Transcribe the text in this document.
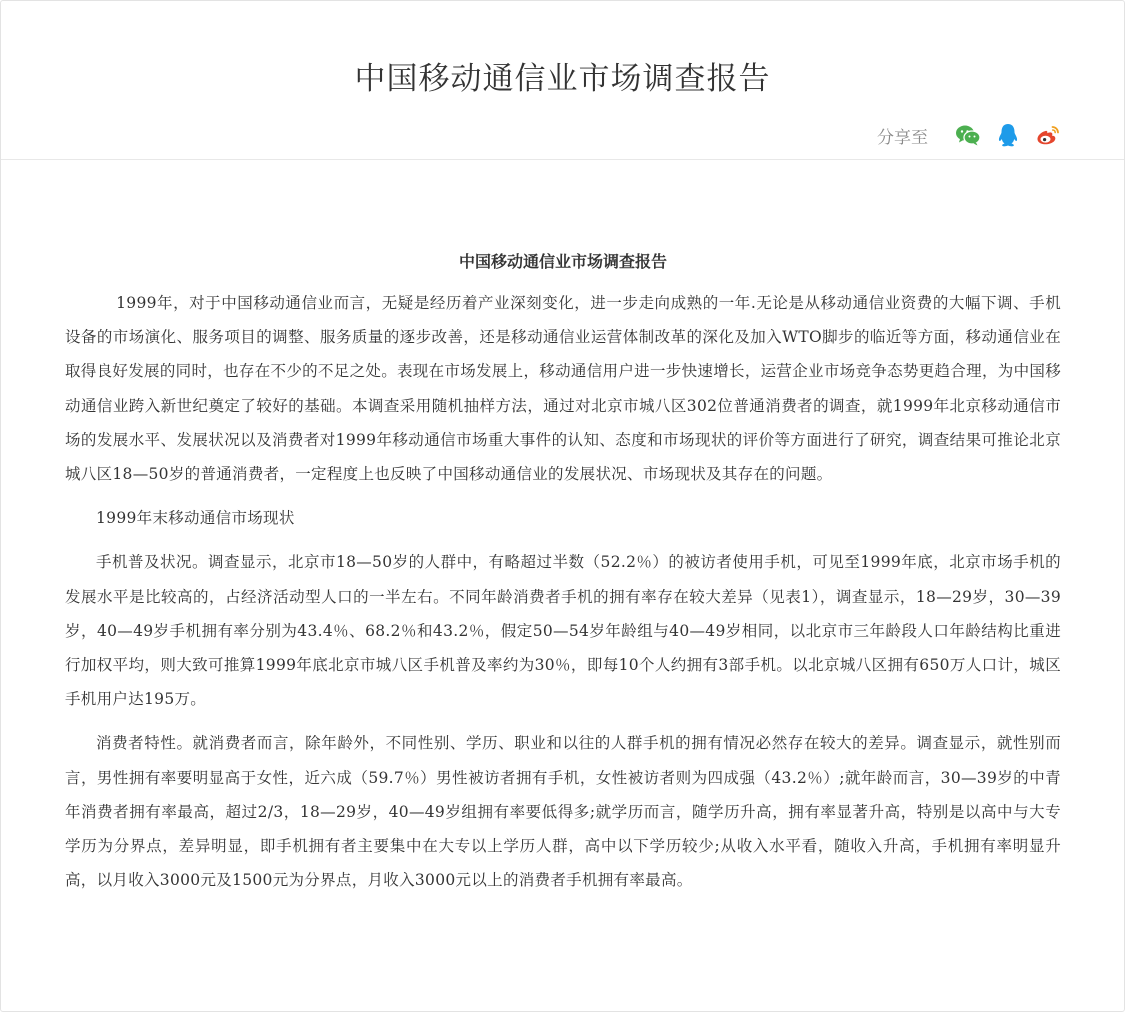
中国移动通信业市场调查报告
分享至
中国移动通信业市场调查报告

1999年，对于中国移动通信业而言，无疑是经历着产业深刻变化，进一步走向成熟的一年.无论是从移动通信业资费的大幅下调、手机设备的市场演化、服务项目的调整、服务质量的逐步改善，还是移动通信业运营体制改革的深化及加入WTO脚步的临近等方面，移动通信业在取得良好发展的同时，也存在不少的不足之处。表现在市场发展上，移动通信用户进一步快速增长，运营企业市场竞争态势更趋合理，为中国移动通信业跨入新世纪奠定了较好的基础。本调查采用随机抽样方法，通过对北京市城八区302位普通消费者的调查，就1999年北京移动通信市场的发展水平、发展状况以及消费者对1999年移动通信市场重大事件的认知、态度和市场现状的评价等方面进行了研究，调查结果可推论北京城八区18—50岁的普通消费者，一定程度上也反映了中国移动通信业的发展状况、市场现状及其存在的问题。

1999年末移动通信市场现状

手机普及状况。调查显示，北京市18—50岁的人群中，有略超过半数（52.2％）的被访者使用手机，可见至1999年底，北京市场手机的发展水平是比较高的，占经济活动型人口的一半左右。不同年龄消费者手机的拥有率存在较大差异（见表1），调查显示，18—29岁，30—39岁，40—49岁手机拥有率分别为43.4％、68.2％和43.2％，假定50—54岁年龄组与40—49岁相同，以北京市三年龄段人口年龄结构比重进行加权平均，则大致可推算1999年底北京市城八区手机普及率约为30％，即每10个人约拥有3部手机。以北京城八区拥有650万人口计，城区手机用户达195万。

消费者特性。就消费者而言，除年龄外，不同性别、学历、职业和以往的人群手机的拥有情况必然存在较大的差异。调查显示，就性别而言，男性拥有率要明显高于女性，近六成（59.7％）男性被访者拥有手机，女性被访者则为四成强（43.2％）;就年龄而言，30—39岁的中青年消费者拥有率最高，超过2/3，18—29岁，40—49岁组拥有率要低得多;就学历而言，随学历升高，拥有率显著升高，特别是以高中与大专学历为分界点，差异明显，即手机拥有者主要集中在大专以上学历人群，高中以下学历较少;从收入水平看，随收入升高，手机拥有率明显升高，以月收入3000元及1500元为分界点，月收入3000元以上的消费者手机拥有率最高。
